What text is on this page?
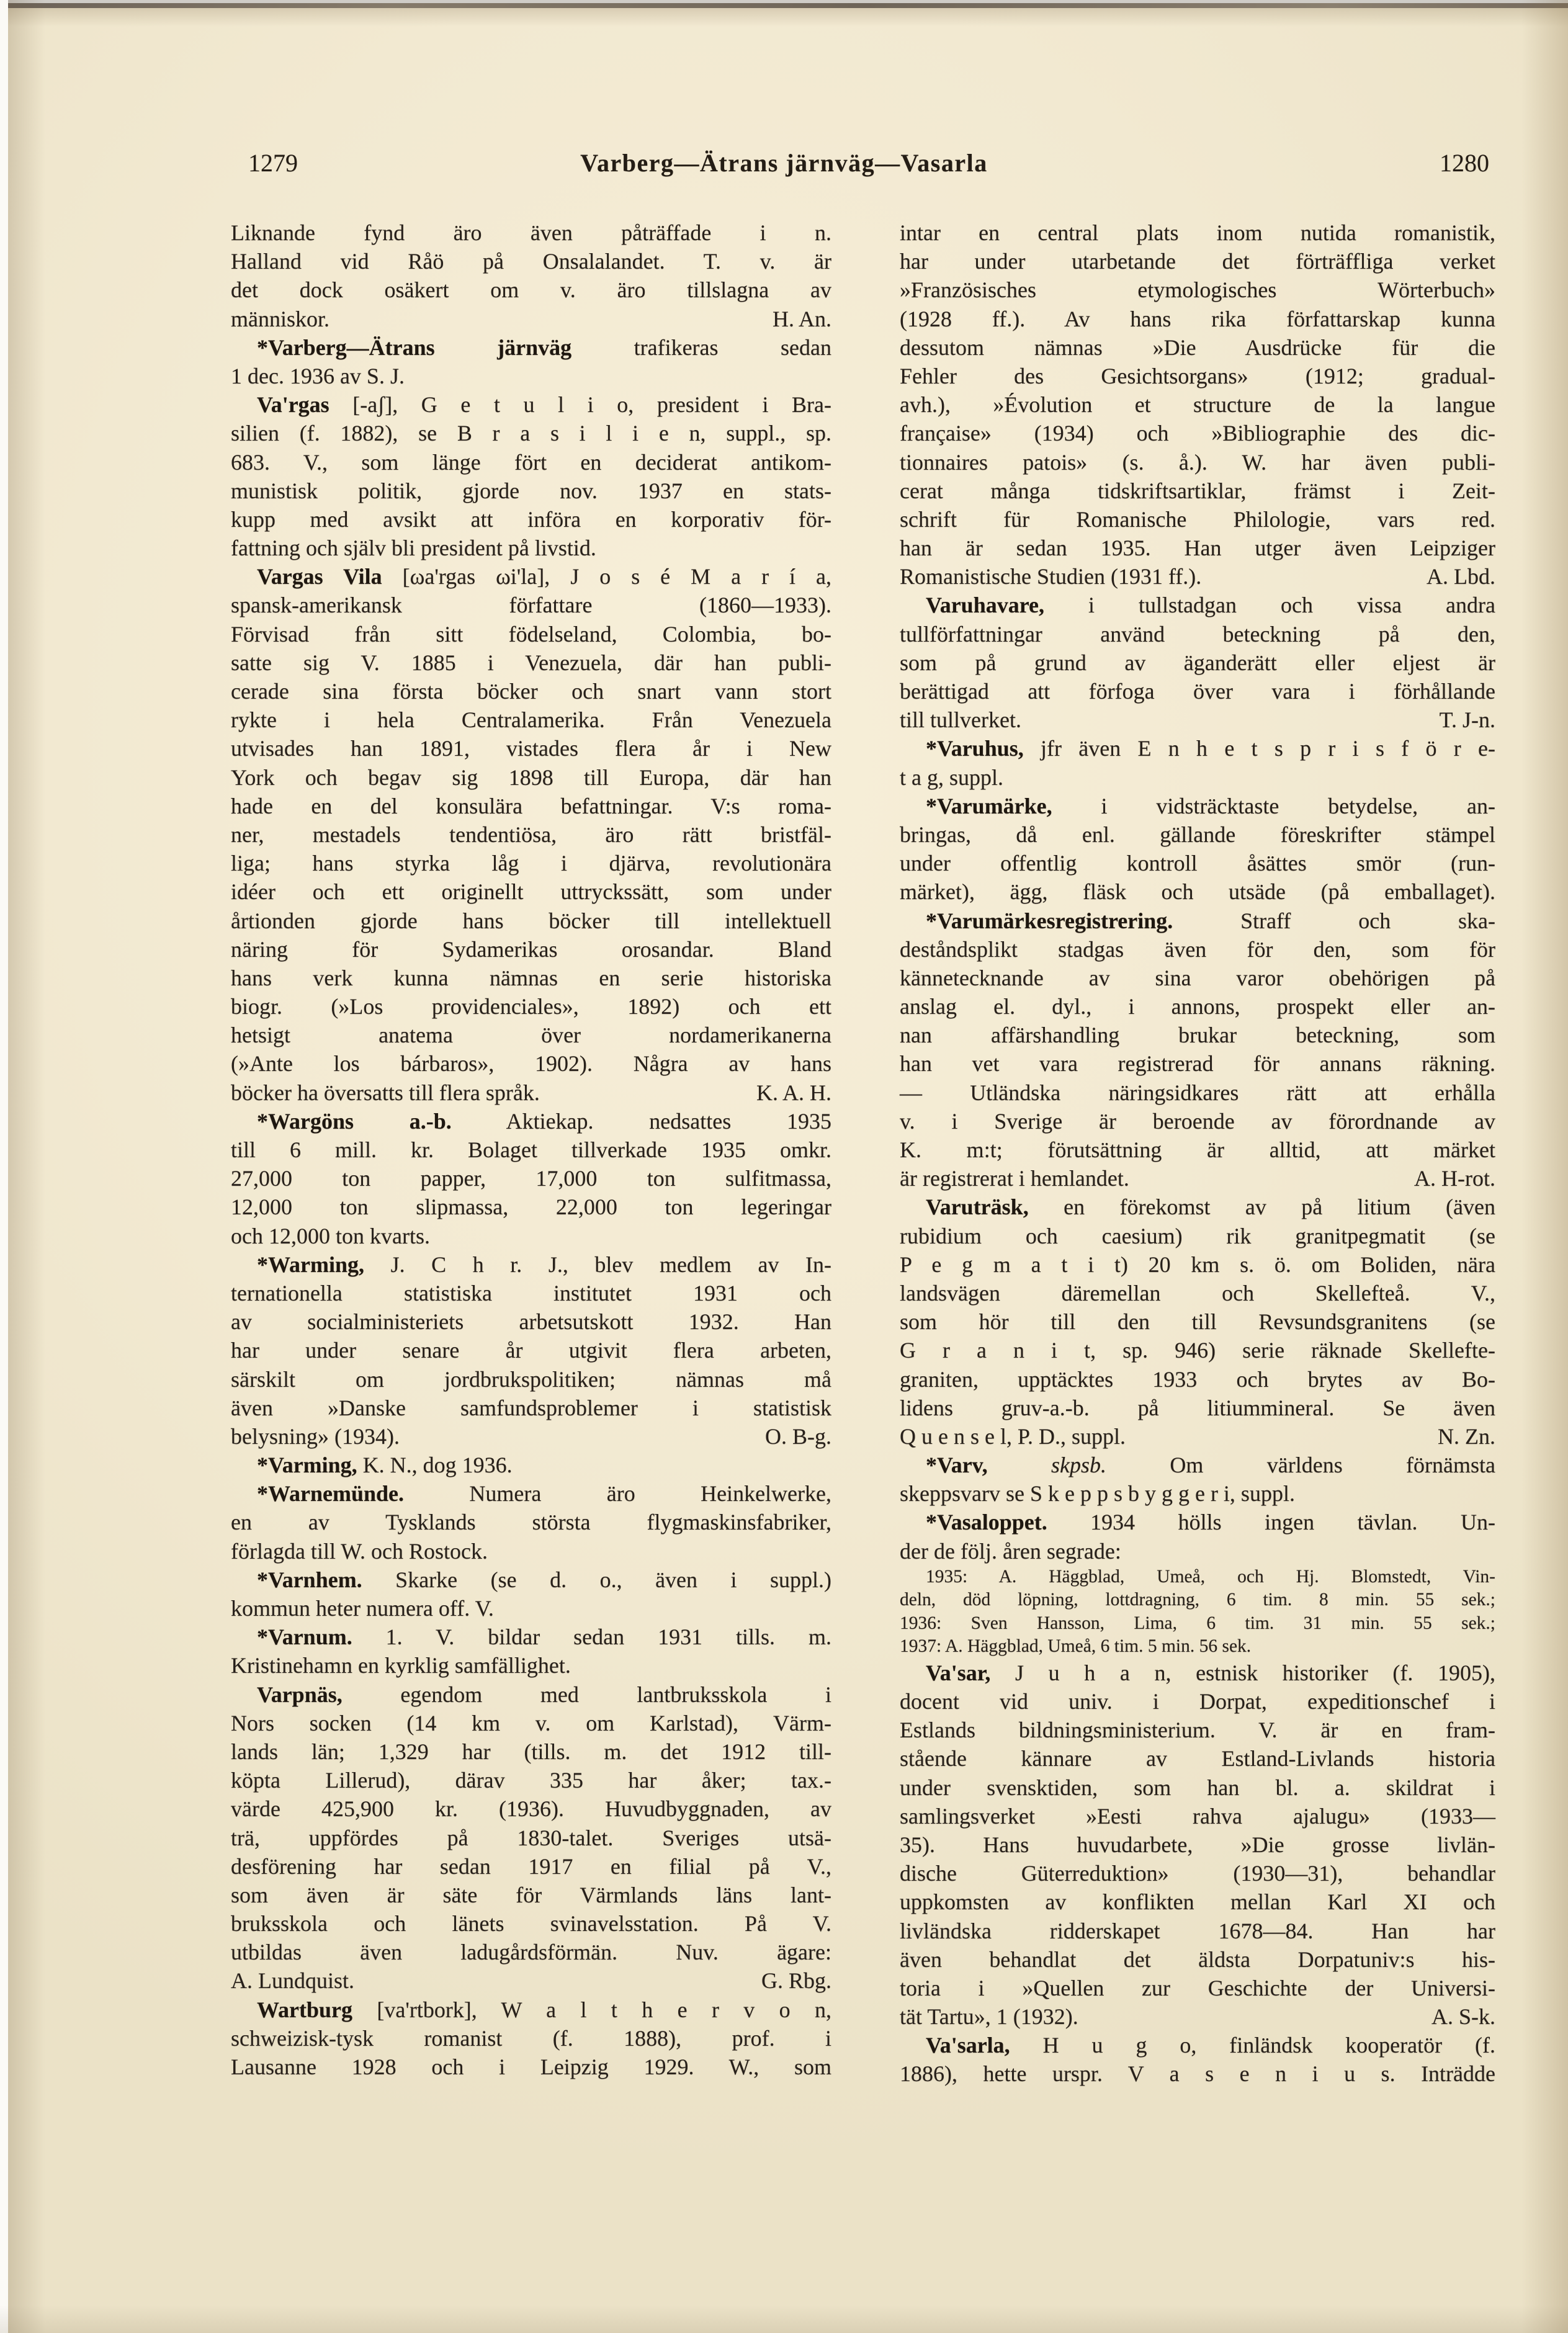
1279	Varberg—Ätrans järnväg—Vasarla	1280
Liknande fynd äro även påträffade i n.
Halland vid Råö på Onsalalandet. T. v. är
det dock osäkert om v. äro tillslagna av
människor.	H. An.
*Varberg—Ätrans järnväg trafikeras sedan
1 dec. 1936 av S. J.
Va'rgas [-aʃ], G e t u l i o, president i Bra-
silien (f. 1882), se B r a s i l i e n, suppl., sp.
683. V., som länge fört en deciderat antikom-
munistisk politik, gjorde nov. 1937 en stats-
kupp med avsikt att införa en korporativ för-
fattning och själv bli president på livstid.
Vargas Vila [ωa'rgas ωi'la], J o s é M a r í a,
spansk-amerikansk författare (1860—1933).
Förvisad från sitt födelseland, Colombia, bo-
satte sig V. 1885 i Venezuela, där han publi-
cerade sina första böcker och snart vann stort
rykte i hela Centralamerika. Från Venezuela
utvisades han 1891, vistades flera år i New
York och begav sig 1898 till Europa, där han
hade en del konsulära befattningar. V:s roma-
ner, mestadels tendentiösa, äro rätt bristfäl-
liga; hans styrka låg i djärva, revolutionära
idéer och ett originellt uttryckssätt, som under
årtionden gjorde hans böcker till intellektuell
näring för Sydamerikas orosandar. Bland
hans verk kunna nämnas en serie historiska
biogr. (»Los providenciales», 1892) och ett
hetsigt anatema över nordamerikanerna
(»Ante los bárbaros», 1902). Några av hans
böcker ha översatts till flera språk.	K. A. H.
*Wargöns a.-b. Aktiekap. nedsattes 1935
till 6 mill. kr. Bolaget tillverkade 1935 omkr.
27,000 ton papper, 17,000 ton sulfitmassa,
12,000 ton slipmassa, 22,000 ton legeringar
och 12,000 ton kvarts.
*Warming, J. C h r. J., blev medlem av In-
ternationella statistiska institutet 1931 och
av socialministeriets arbetsutskott 1932. Han
har under senare år utgivit flera arbeten,
särskilt om jordbrukspolitiken; nämnas må
även »Danske samfundsproblemer i statistisk
belysning» (1934).	O. B-g.
*Varming, K. N., dog 1936.
*Warnemünde. Numera äro Heinkelwerke,
en av Tysklands största flygmaskinsfabriker,
förlagda till W. och Rostock.
*Varnhem. Skarke (se d. o., även i suppl.)
kommun heter numera off. V.
*Varnum. 1. V. bildar sedan 1931 tills. m.
Kristinehamn en kyrklig samfällighet.
Varpnäs, egendom med lantbruksskola i
Nors socken (14 km v. om Karlstad), Värm-
lands län; 1,329 har (tills. m. det 1912 till-
köpta Lillerud), därav 335 har åker; tax.-
värde 425,900 kr. (1936). Huvudbyggnaden, av
trä, uppfördes på 1830-talet. Sveriges utsä-
desförening har sedan 1917 en filial på V.,
som även är säte för Värmlands läns lant-
bruksskola och länets svinavelsstation. På V.
utbildas även ladugårdsförmän. Nuv. ägare:
A. Lundquist.	G. Rbg.
Wartburg [va'rtbork], W a l t h e r v o n,
schweizisk-tysk romanist (f. 1888), prof. i
Lausanne 1928 och i Leipzig 1929. W., som
intar en central plats inom nutida romanistik,
har under utarbetande det förträffliga verket
»Französisches etymologisches Wörterbuch»
(1928 ff.). Av hans rika författarskap kunna
dessutom nämnas »Die Ausdrücke für die
Fehler des Gesichtsorgans» (1912; gradual-
avh.), »Évolution et structure de la langue
française» (1934) och »Bibliographie des dic-
tionnaires patois» (s. å.). W. har även publi-
cerat många tidskriftsartiklar, främst i Zeit-
schrift für Romanische Philologie, vars red.
han är sedan 1935. Han utger även Leipziger
Romanistische Studien (1931 ff.).	A. Lbd.
Varuhavare, i tullstadgan och vissa andra
tullförfattningar använd beteckning på den,
som på grund av äganderätt eller eljest är
berättigad att förfoga över vara i förhållande
till tullverket.	T. J-n.
*Varuhus, jfr även E n h e t s p r i s f ö r e-
t a g, suppl.
*Varumärke, i vidsträcktaste betydelse, an-
bringas, då enl. gällande föreskrifter stämpel
under offentlig kontroll åsättes smör (run-
märket), ägg, fläsk och utsäde (på emballaget).
*Varumärkesregistrering. Straff och ska-
deståndsplikt stadgas även för den, som för
kännetecknande av sina varor obehörigen på
anslag el. dyl., i annons, prospekt eller an-
nan affärshandling brukar beteckning, som
han vet vara registrerad för annans räkning.
— Utländska näringsidkares rätt att erhålla
v. i Sverige är beroende av förordnande av
K. m:t; förutsättning är alltid, att märket
är registrerat i hemlandet.	A. H-rot.
Varuträsk, en förekomst av på litium (även
rubidium och caesium) rik granitpegmatit (se
P e g m a t i t) 20 km s. ö. om Boliden, nära
landsvägen däremellan och Skellefteå. V.,
som hör till den till Revsundsgranitens (se
G r a n i t, sp. 946) serie räknade Skellefte-
graniten, upptäcktes 1933 och brytes av Bo-
lidens gruv-a.-b. på litiummineral. Se även
Q u e n s e l, P. D., suppl.	N. Zn.
*Varv, skpsb. Om världens förnämsta
skeppsvarv se S k e p p s b y g g e r i, suppl.
*Vasaloppet. 1934 hölls ingen tävlan. Un-
der de följ. åren segrade:
1935: A. Häggblad, Umeå, och Hj. Blomstedt, Vin-
deln, död löpning, lottdragning, 6 tim. 8 min. 55 sek.;
1936: Sven Hansson, Lima, 6 tim. 31 min. 55 sek.;
1937: A. Häggblad, Umeå, 6 tim. 5 min. 56 sek.
Va'sar, J u h a n, estnisk historiker (f. 1905),
docent vid univ. i Dorpat, expeditionschef i
Estlands bildningsministerium. V. är en fram-
stående kännare av Estland-Livlands historia
under svensktiden, som han bl. a. skildrat i
samlingsverket »Eesti rahva ajalugu» (1933—
35). Hans huvudarbete, »Die grosse livlän-
dische Güterreduktion» (1930—31), behandlar
uppkomsten av konflikten mellan Karl XI och
livländska ridderskapet 1678—84. Han har
även behandlat det äldsta Dorpatuniv:s his-
toria i »Quellen zur Geschichte der Universi-
tät Tartu», 1 (1932).	A. S-k.
Va'sarla, H u g o, finländsk kooperatör (f.
1886), hette urspr. V a s e n i u s. Inträdde
